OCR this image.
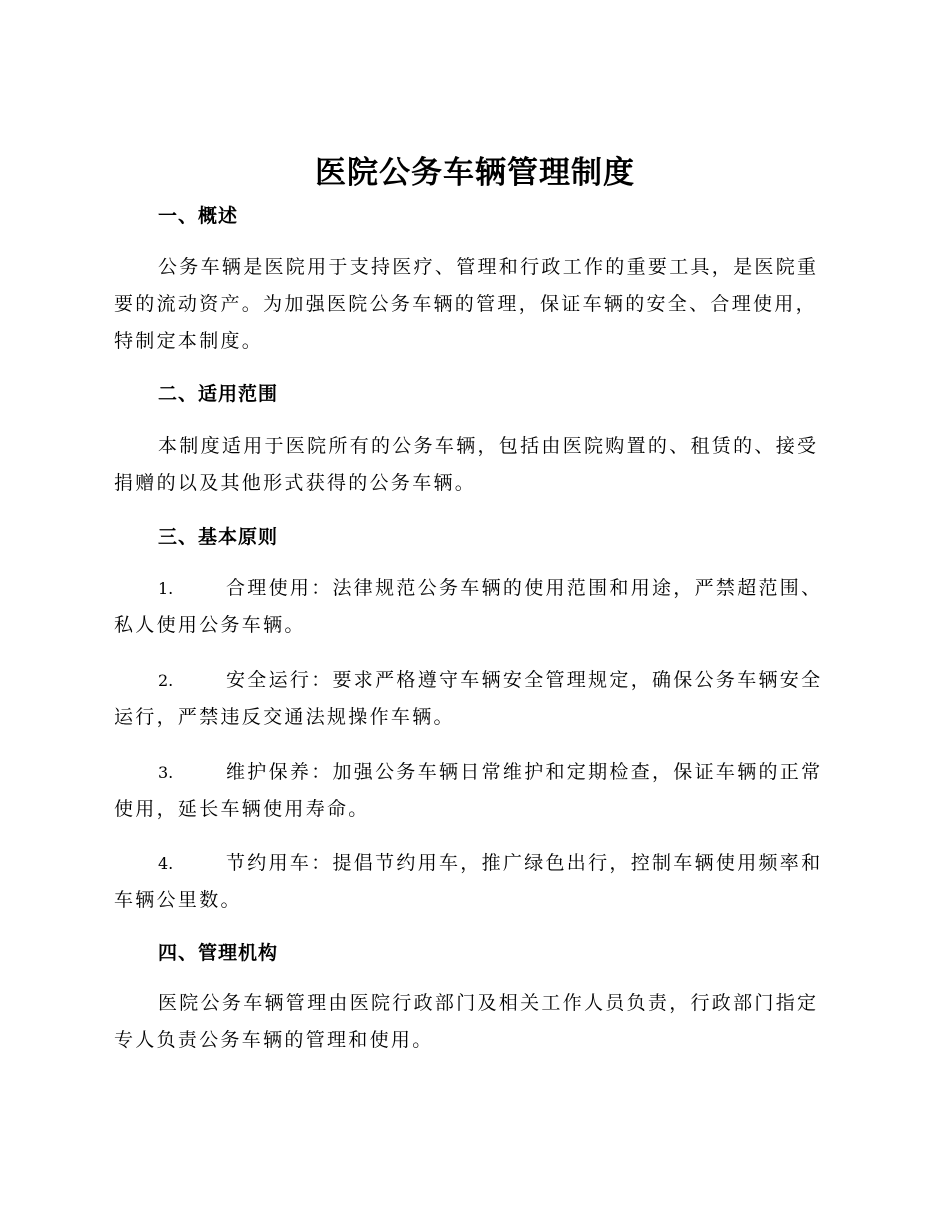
医院公务车辆管理制度
一、概述

公务车辆是医院用于支持医疗、管理和行政工作的重要工具，是医院重要的流动资产。为加强医院公务车辆的管理，保证车辆的安全、合理使用，特制定本制度。

二、适用范围

本制度适用于医院所有的公务车辆，包括由医院购置的、租赁的、接受捐赠的以及其他形式获得的公务车辆。

三、基本原则

1.	合理使用：法律规范公务车辆的使用范围和用途，严禁超范围、私人使用公务车辆。

2.	安全运行：要求严格遵守车辆安全管理规定，确保公务车辆安全运行，严禁违反交通法规操作车辆。

3.	维护保养：加强公务车辆日常维护和定期检查，保证车辆的正常使用，延长车辆使用寿命。

4.	节约用车：提倡节约用车，推广绿色出行，控制车辆使用频率和车辆公里数。

四、管理机构

医院公务车辆管理由医院行政部门及相关工作人员负责，行政部门指定专人负责公务车辆的管理和使用。
